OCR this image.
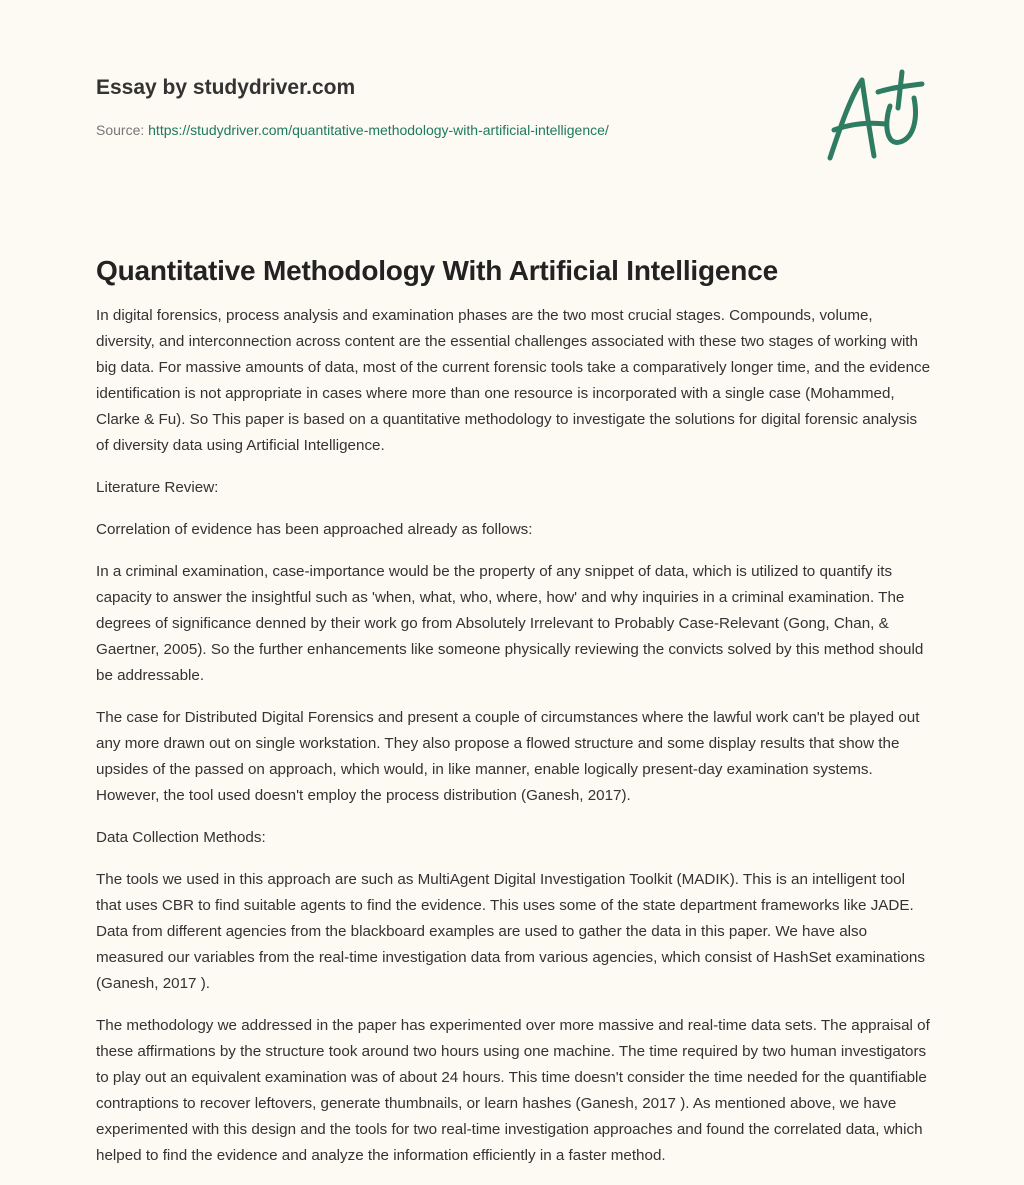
Essay by studydriver.com

Source: https://studydriver.com/quantitative-methodology-with-artificial-intelligence/
Quantitative Methodology With Artificial Intelligence

In digital forensics, process analysis and examination phases are the two most crucial stages. Compounds, volume, diversity, and interconnection across content are the essential challenges associated with these two stages of working with big data. For massive amounts of data, most of the current forensic tools take a comparatively longer time, and the evidence identification is not appropriate in cases where more than one resource is incorporated with a single case (Mohammed, Clarke & Fu). So This paper is based on a quantitative methodology to investigate the solutions for digital forensic analysis of diversity data using Artificial Intelligence.

Literature Review:

Correlation of evidence has been approached already as follows:

In a criminal examination, case-importance would be the property of any snippet of data, which is utilized to quantify its capacity to answer the insightful such as 'when, what, who, where, how' and why inquiries in a criminal examination. The degrees of significance denned by their work go from Absolutely Irrelevant to Probably Case-Relevant (Gong, Chan, & Gaertner, 2005). So the further enhancements like someone physically reviewing the convicts solved by this method should be addressable.

The case for Distributed Digital Forensics and present a couple of circumstances where the lawful work can't be played out any more drawn out on single workstation. They also propose a flowed structure and some display results that show the upsides of the passed on approach, which would, in like manner, enable logically present-day examination systems. However, the tool used doesn't employ the process distribution (Ganesh, 2017).

Data Collection Methods:

The tools we used in this approach are such as MultiAgent Digital Investigation Toolkit (MADIK). This is an intelligent tool that uses CBR to find suitable agents to find the evidence. This uses some of the state department frameworks like JADE. Data from different agencies from the blackboard examples are used to gather the data in this paper. We have also measured our variables from the real-time investigation data from various agencies, which consist of HashSet examinations (Ganesh, 2017 ).

The methodology we addressed in the paper has experimented over more massive and real-time data sets. The appraisal of these affirmations by the structure took around two hours using one machine. The time required by two human investigators to play out an equivalent examination was of about 24 hours. This time doesn't consider the time needed for the quantifiable contraptions to recover leftovers, generate thumbnails, or learn hashes (Ganesh, 2017 ). As mentioned above, we have experimented with this design and the tools for two real-time investigation approaches and found the correlated data, which helped to find the evidence and analyze the information efficiently in a faster method.
